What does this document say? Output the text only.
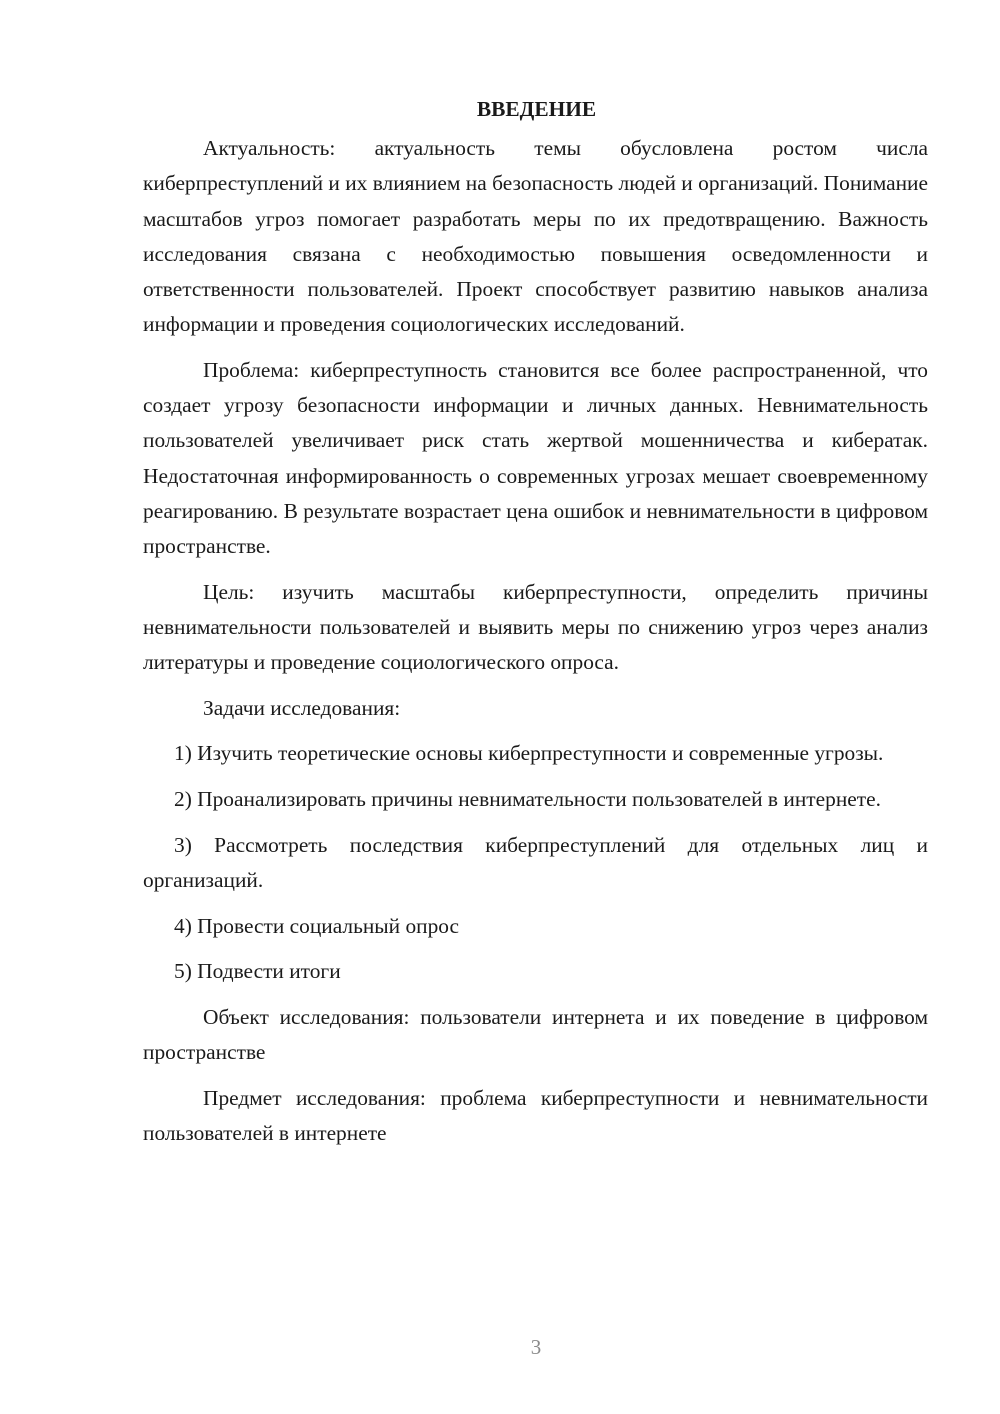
ВВЕДЕНИЕ

Актуальность: актуальность темы обусловлена ростом числа киберпреступлений и их влиянием на безопасность людей и организаций. Понимание масштабов угроз помогает разработать меры по их предотвращению. Важность исследования связана с необходимостью повышения осведомленности и ответственности пользователей. Проект способствует развитию навыков анализа информации и проведения социологических исследований.

Проблема: киберпреступность становится все более распространенной, что создает угрозу безопасности информации и личных данных. Невнимательность пользователей увеличивает риск стать жертвой мошенничества и кибератак. Недостаточная информированность о современных угрозах мешает своевременному реагированию. В результате возрастает цена ошибок и невнимательности в цифровом пространстве.

Цель: изучить масштабы киберпреступности, определить причины невнимательности пользователей и выявить меры по снижению угроз через анализ литературы и проведение социологического опроса.

Задачи исследования:

1) Изучить теоретические основы киберпреступности и современные угрозы.

2) Проанализировать причины невнимательности пользователей в интернете.

3) Рассмотреть последствия киберпреступлений для отдельных лиц и организаций.

4) Провести социальный опрос

5) Подвести итоги

Объект исследования: пользователи интернета и их поведение в цифровом пространстве

Предмет исследования: проблема киберпреступности и невнимательности пользователей в интернете

3
